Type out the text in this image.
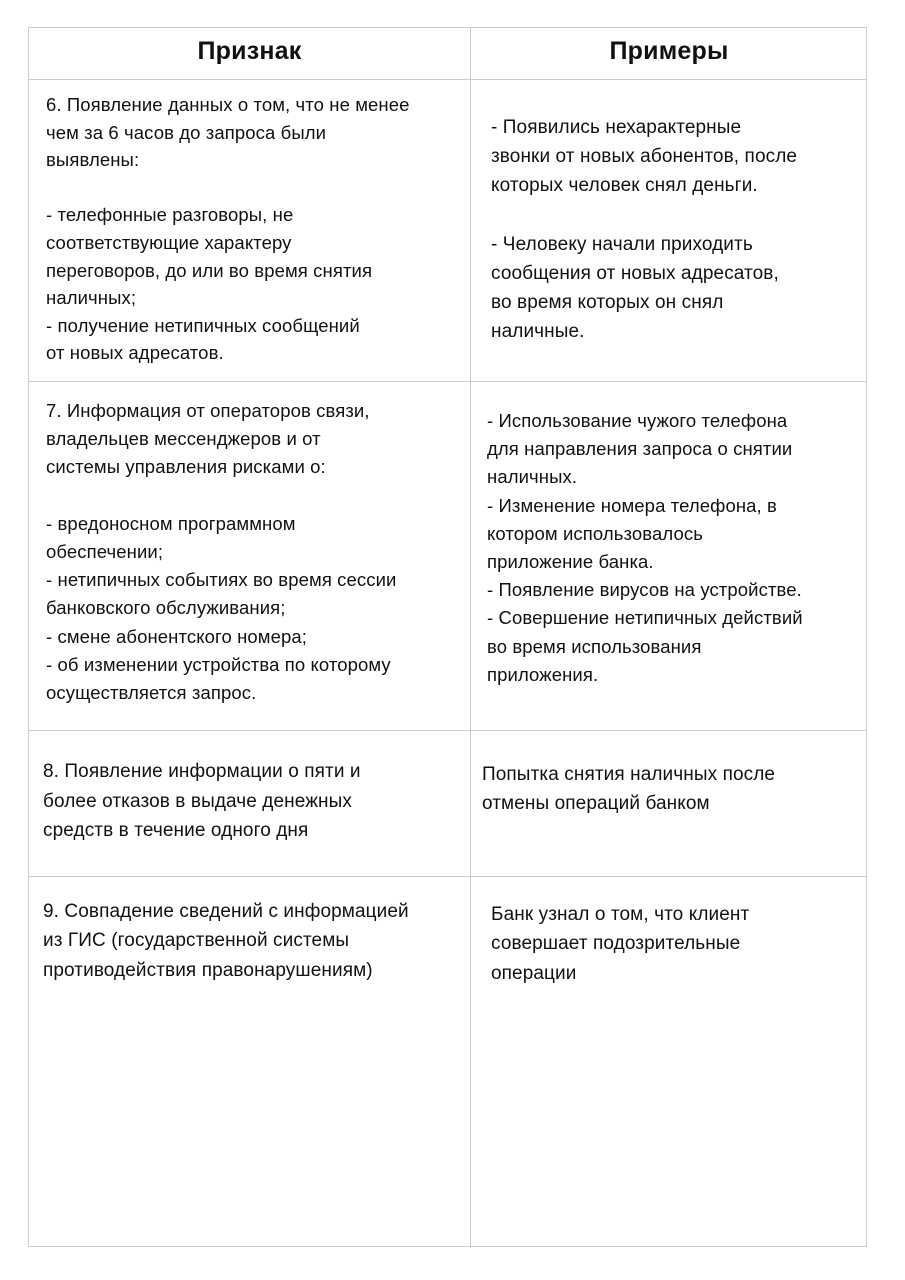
Признак	Примеры
6. Появление данных о том, что не менее
чем за 6 часов до запроса были
выявлены:

- телефонные разговоры, не
соответствующие характеру
переговоров, до или во время снятия
наличных;
- получение нетипичных сообщений
от новых адресатов.
- Появились нехарактерные
звонки от новых абонентов, после
которых человек снял деньги.

- Человеку начали приходить
сообщения от новых адресатов,
во время которых он снял
наличные.
7. Информация от операторов связи,
владельцев мессенджеров и от
системы управления рисками о:

- вредоносном программном
обеспечении;
- нетипичных событиях во время сессии
банковского обслуживания;
- смене абонентского номера;
- об изменении устройства по которому
осуществляется запрос.
- Использование чужого телефона
для направления запроса о снятии
наличных.
- Изменение номера телефона, в
котором использовалось
приложение банка.
- Появление вирусов на устройстве.
- Совершение нетипичных действий
во время использования
приложения.
8. Появление информации о пяти и
более отказов в выдаче денежных
средств в течение одного дня
Попытка снятия наличных после
отмены операций банком
9. Совпадение сведений с информацией
из ГИС (государственной системы
противодействия правонарушениям)
Банк узнал о том, что клиент
совершает подозрительные
операции
